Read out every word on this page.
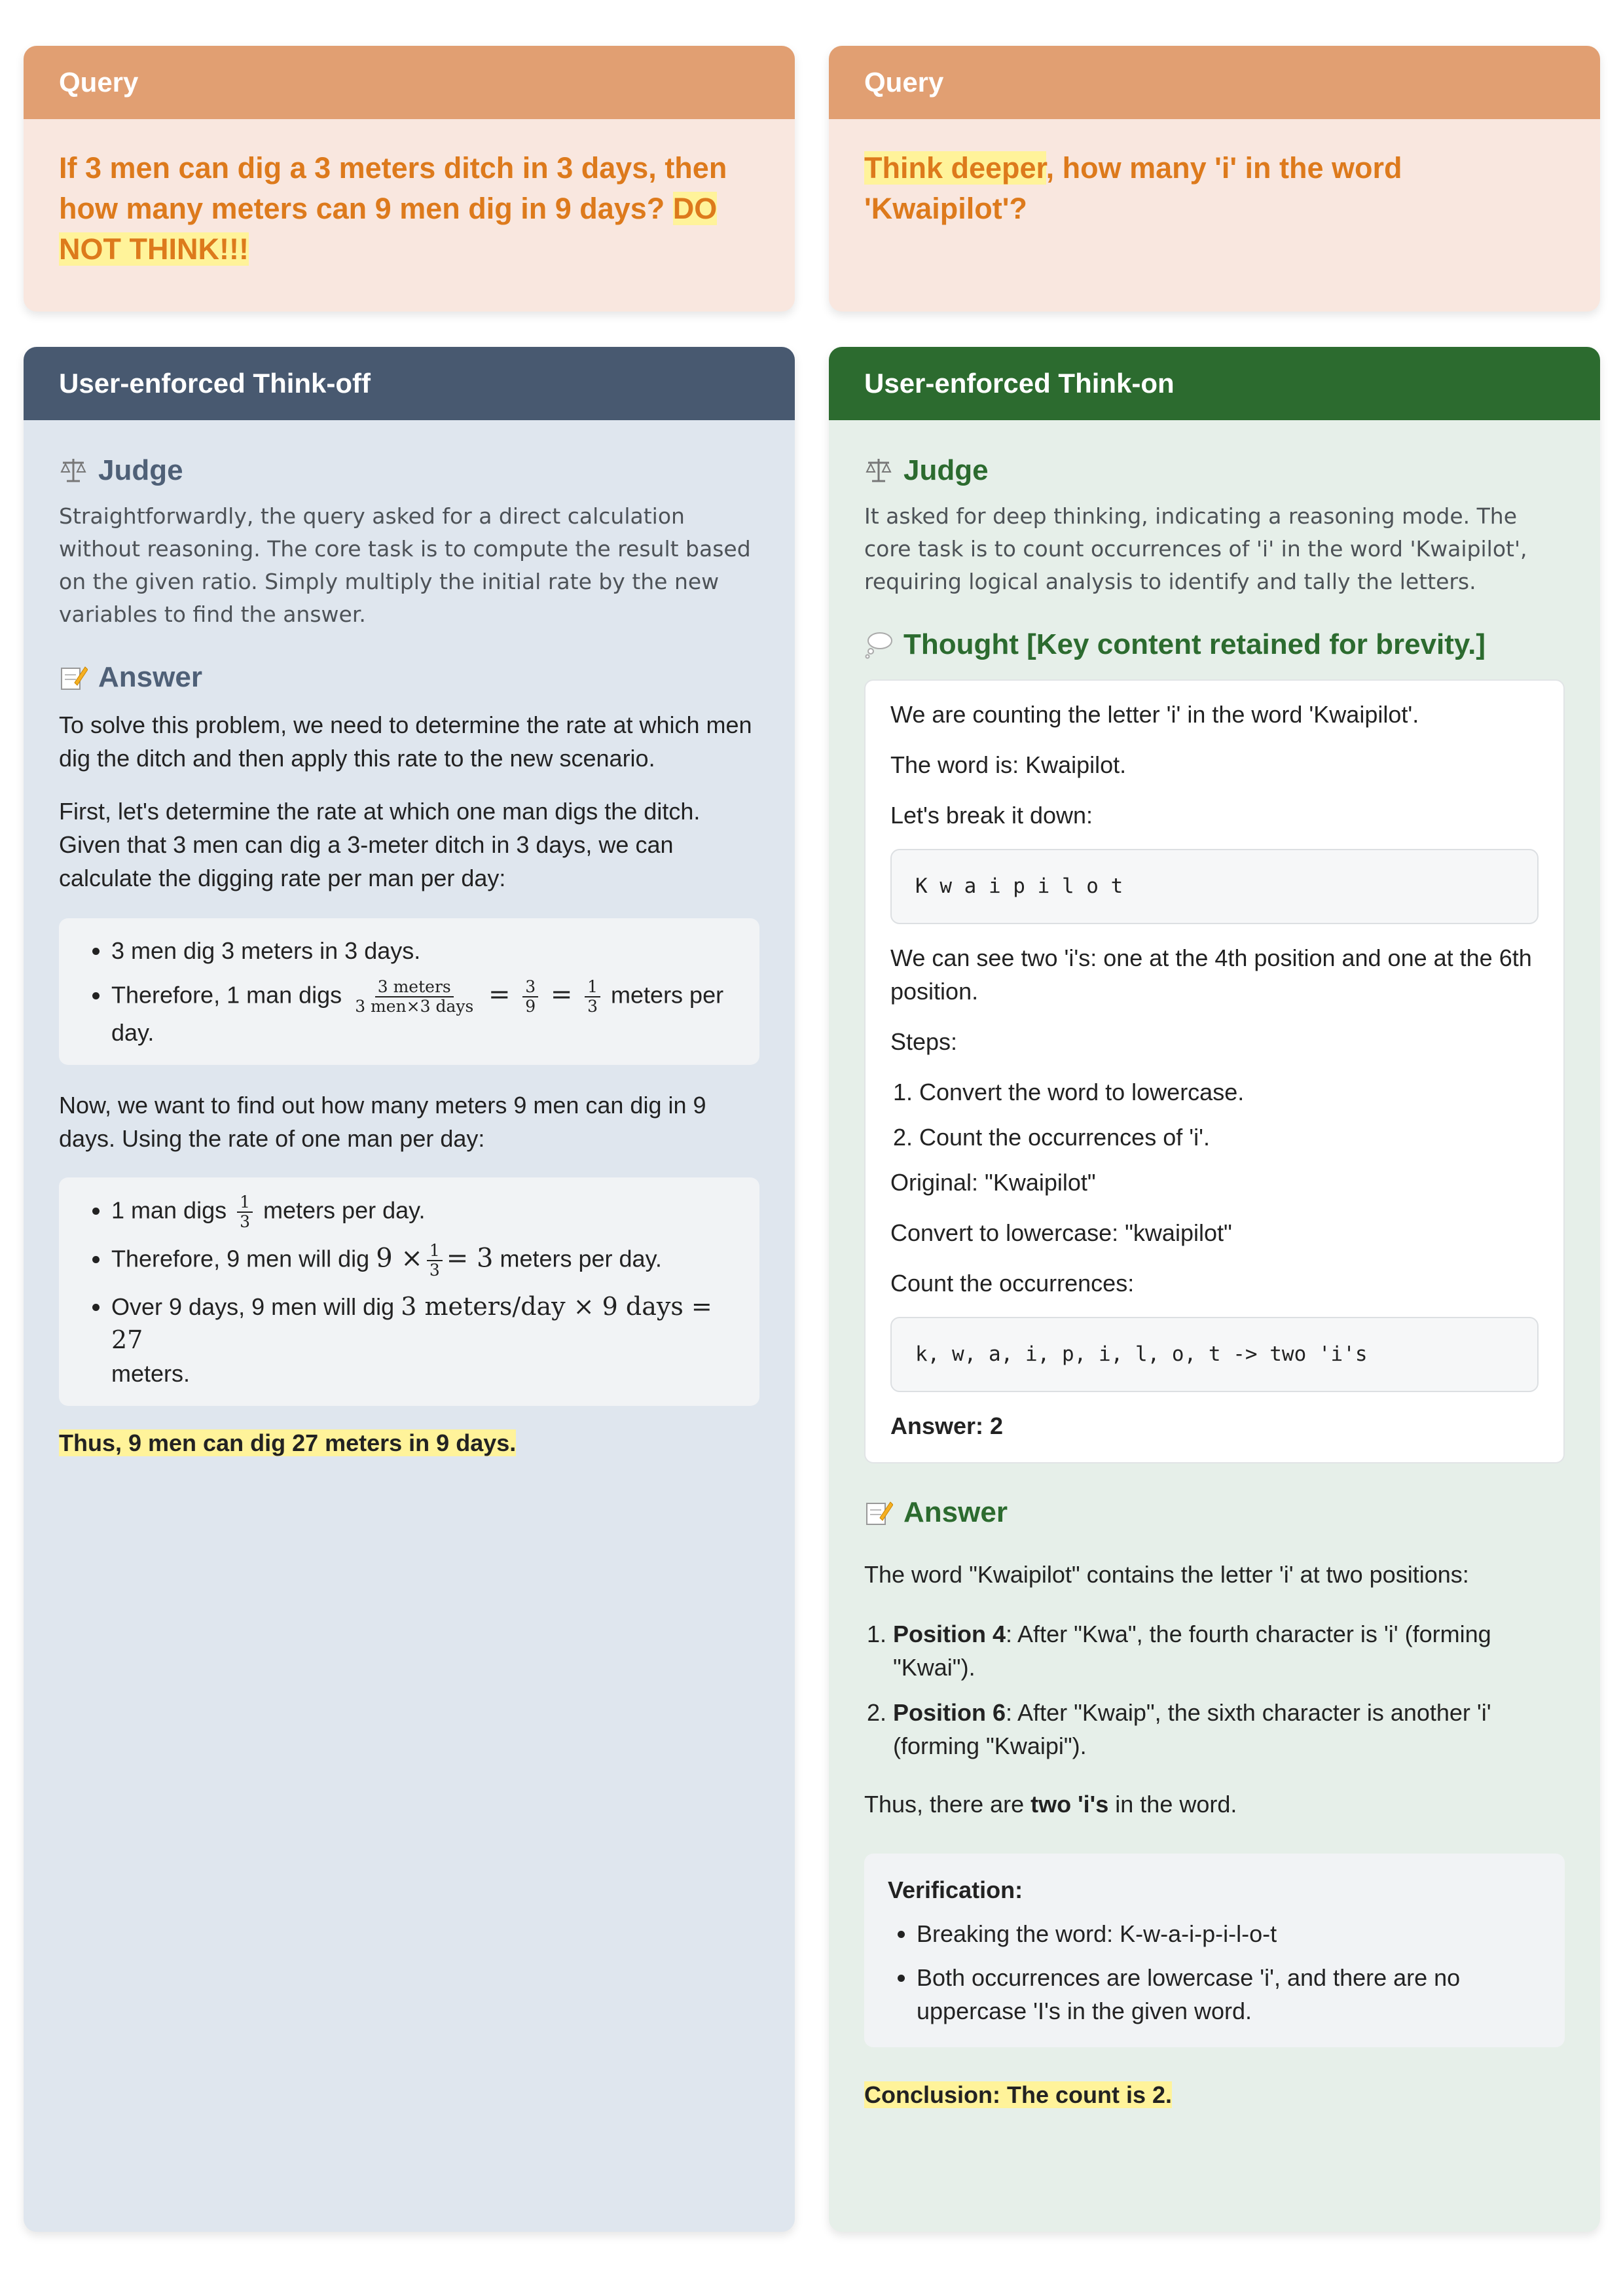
Query
If 3 men can dig a 3 meters ditch in 3 days, then how many meters can 9 men dig in 9 days? DO NOT THINK!!!
Query
Think deeper, how many 'i' in the word 'Kwaipilot'?
User-enforced Think-off
Judge

Straightforwardly, the query asked for a direct calculation without reasoning. The core task is to compute the result based on the given ratio. Simply multiply the initial rate by the new variables to find the answer.

Answer

To solve this problem, we need to determine the rate at which men dig the ditch and then apply this rate to the new scenario.

First, let's determine the rate at which one man digs the ditch. Given that 3 men can dig a 3-meter ditch in 3 days, we can calculate the digging rate per man per day:

• 3 men dig 3 meters in 3 days.
• Therefore, 1 man digs $\frac{\text{3 meters}}{\text{3 men×3 days}} = \frac{3}{9} = \frac{1}{3}$ meters per day.

Now, we want to find out how many meters 9 men can dig in 9 days. Using the rate of one man per day:

• 1 man digs $\frac{1}{3}$ meters per day.
• Therefore, 9 men will dig $9 \times \frac{1}{3} = 3$ meters per day.
• Over 9 days, 9 men will dig 3 meters/day × 9 days = 27
meters.
Thus, 9 men can dig 27 meters in 9 days.
User-enforced Think-on
Judge

It asked for deep thinking, indicating a reasoning mode. The core task is to count occurrences of 'i' in the word 'Kwaipilot', requiring logical analysis to identify and tally the letters.

Thought [Key content retained for brevity.]

We are counting the letter 'i' in the word 'Kwaipilot'.

The word is: Kwaipilot.

Let's break it down:

K w a i p i l o t

We can see two 'i's: one at the 4th position and one at the 6th position.

Steps:

1. Convert the word to lowercase.
2. Count the occurrences of 'i'.

Original: "Kwaipilot"

Convert to lowercase: "kwaipilot"

Count the occurrences:

k, w, a, i, p, i, l, o, t -> two 'i's

Answer: 2

Answer

The word "Kwaipilot" contains the letter 'i' at two positions:

1. Position 4: After "Kwa", the fourth character is 'i' (forming "Kwai").
2. Position 6: After "Kwaip", the sixth character is another 'i' (forming "Kwaipi").

Thus, there are two 'i's in the word.

Verification:
• Breaking the word: K-w-a-i-p-i-l-o-t
• Both occurrences are lowercase 'i', and there are no uppercase 'I's in the given word.
Conclusion: The count is 2.
